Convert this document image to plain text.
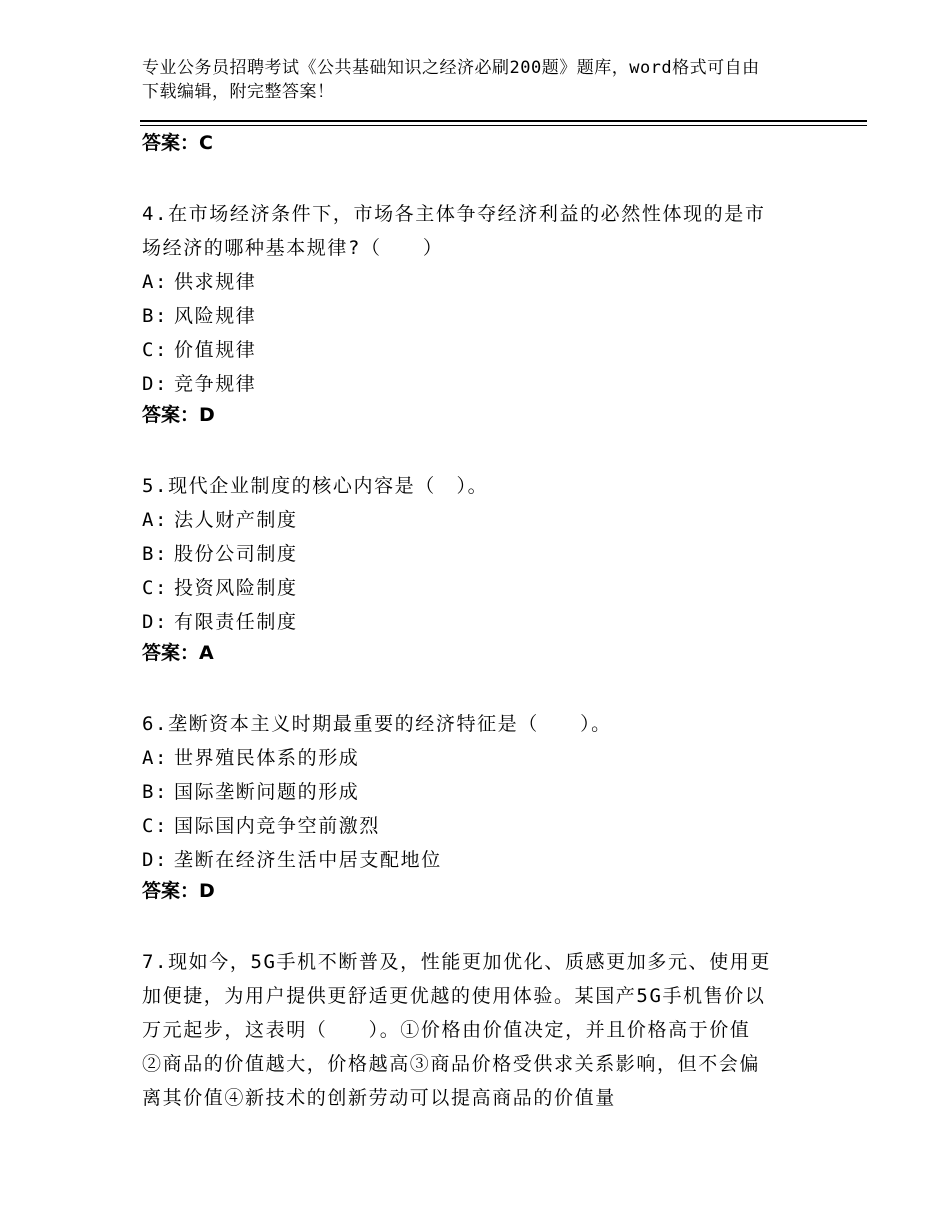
专业公务员招聘考试《公共基础知识之经济必刷200题》题库，word格式可自由
下载编辑，附完整答案！
答案：C
4.在市场经济条件下，市场各主体争夺经济利益的必然性体现的是市
场经济的哪种基本规律?（　　）
A: 供求规律
B: 风险规律
C: 价值规律
D: 竞争规律
答案：D
5.现代企业制度的核心内容是（　）。
A: 法人财产制度
B: 股份公司制度
C: 投资风险制度
D: 有限责任制度
答案：A
6.垄断资本主义时期最重要的经济特征是（　　）。
A: 世界殖民体系的形成
B: 国际垄断问题的形成
C: 国际国内竞争空前激烈
D: 垄断在经济生活中居支配地位
答案：D
7.现如今，5G手机不断普及，性能更加优化、质感更加多元、使用更
加便捷，为用户提供更舒适更优越的使用体验。某国产5G手机售价以
万元起步，这表明（　　）。①价格由价值决定，并且价格高于价值
②商品的价值越大，价格越高③商品价格受供求关系影响，但不会偏
离其价值④新技术的创新劳动可以提高商品的价值量
